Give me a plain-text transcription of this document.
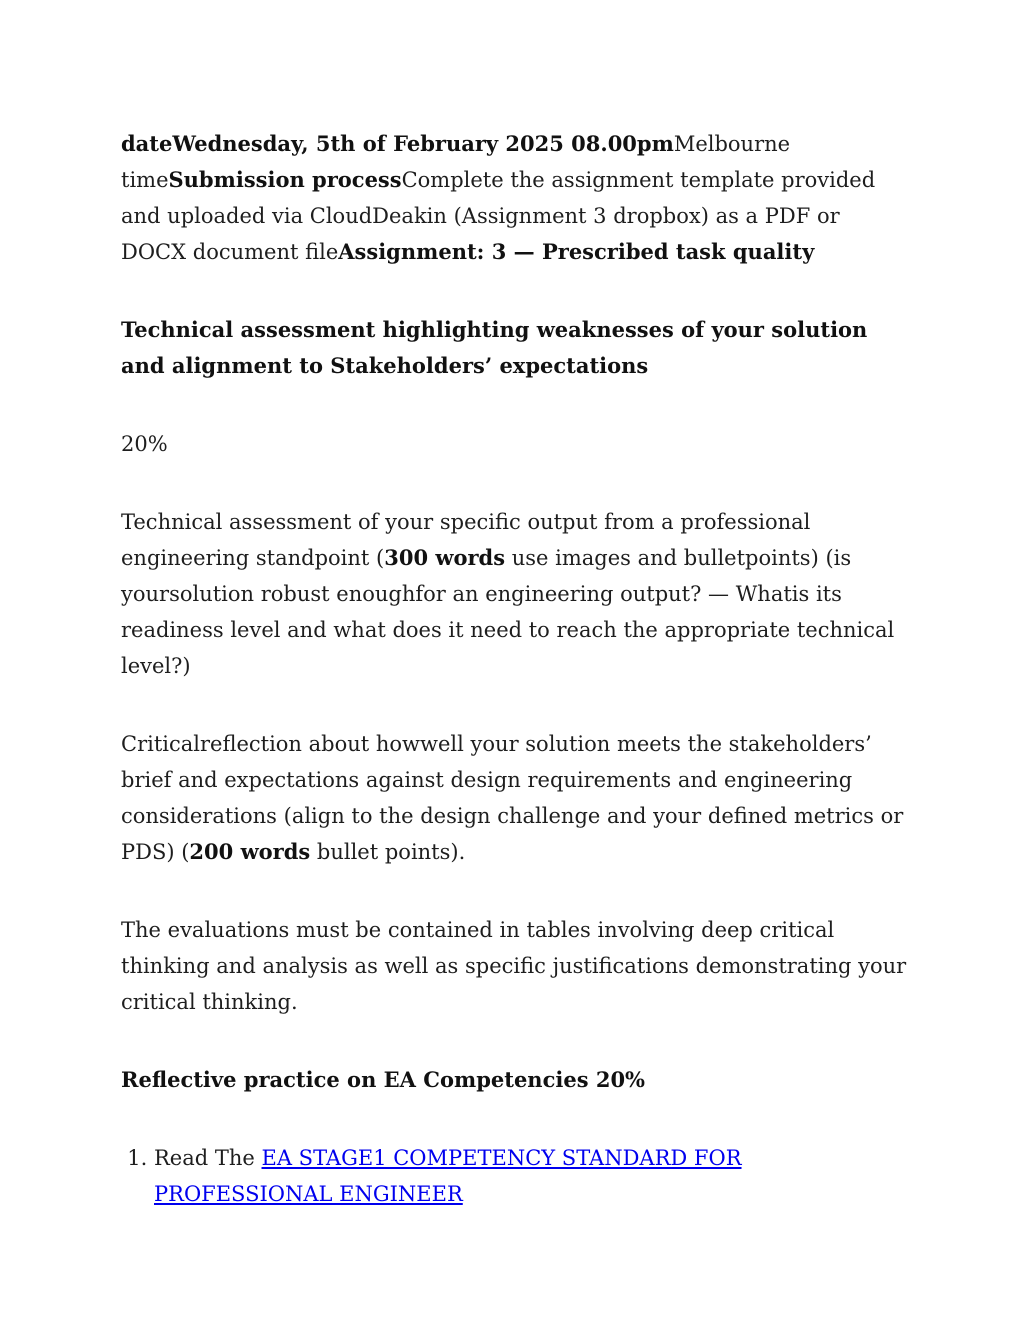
dateWednesday, 5th of February 2025 08.00pmMelbourne timeSubmission processComplete the assignment template provided and uploaded via CloudDeakin (Assignment 3 dropbox) as a PDF or DOCX document fileAssignment: 3 — Prescribed task quality

Technical assessment highlighting weaknesses of your solution and alignment to Stakeholders’ expectations

20%

Technical assessment of your specific output from a professional engineering standpoint (300 words use images and bulletpoints) (is yoursolution robust enoughfor an engineering output? — Whatis its readiness level and what does it need to reach the appropriate technical level?)

Criticalreflection about howwell your solution meets the stakeholders’ brief and expectations against design requirements and engineering considerations (align to the design challenge and your defined metrics or PDS) (200 words bullet points).

The evaluations must be contained in tables involving deep critical thinking and analysis as well as specific justifications demonstrating your critical thinking.

Reflective practice on EA Competencies 20%

1. Read The EA STAGE1 COMPETENCY STANDARD FOR PROFESSIONAL ENGINEER
